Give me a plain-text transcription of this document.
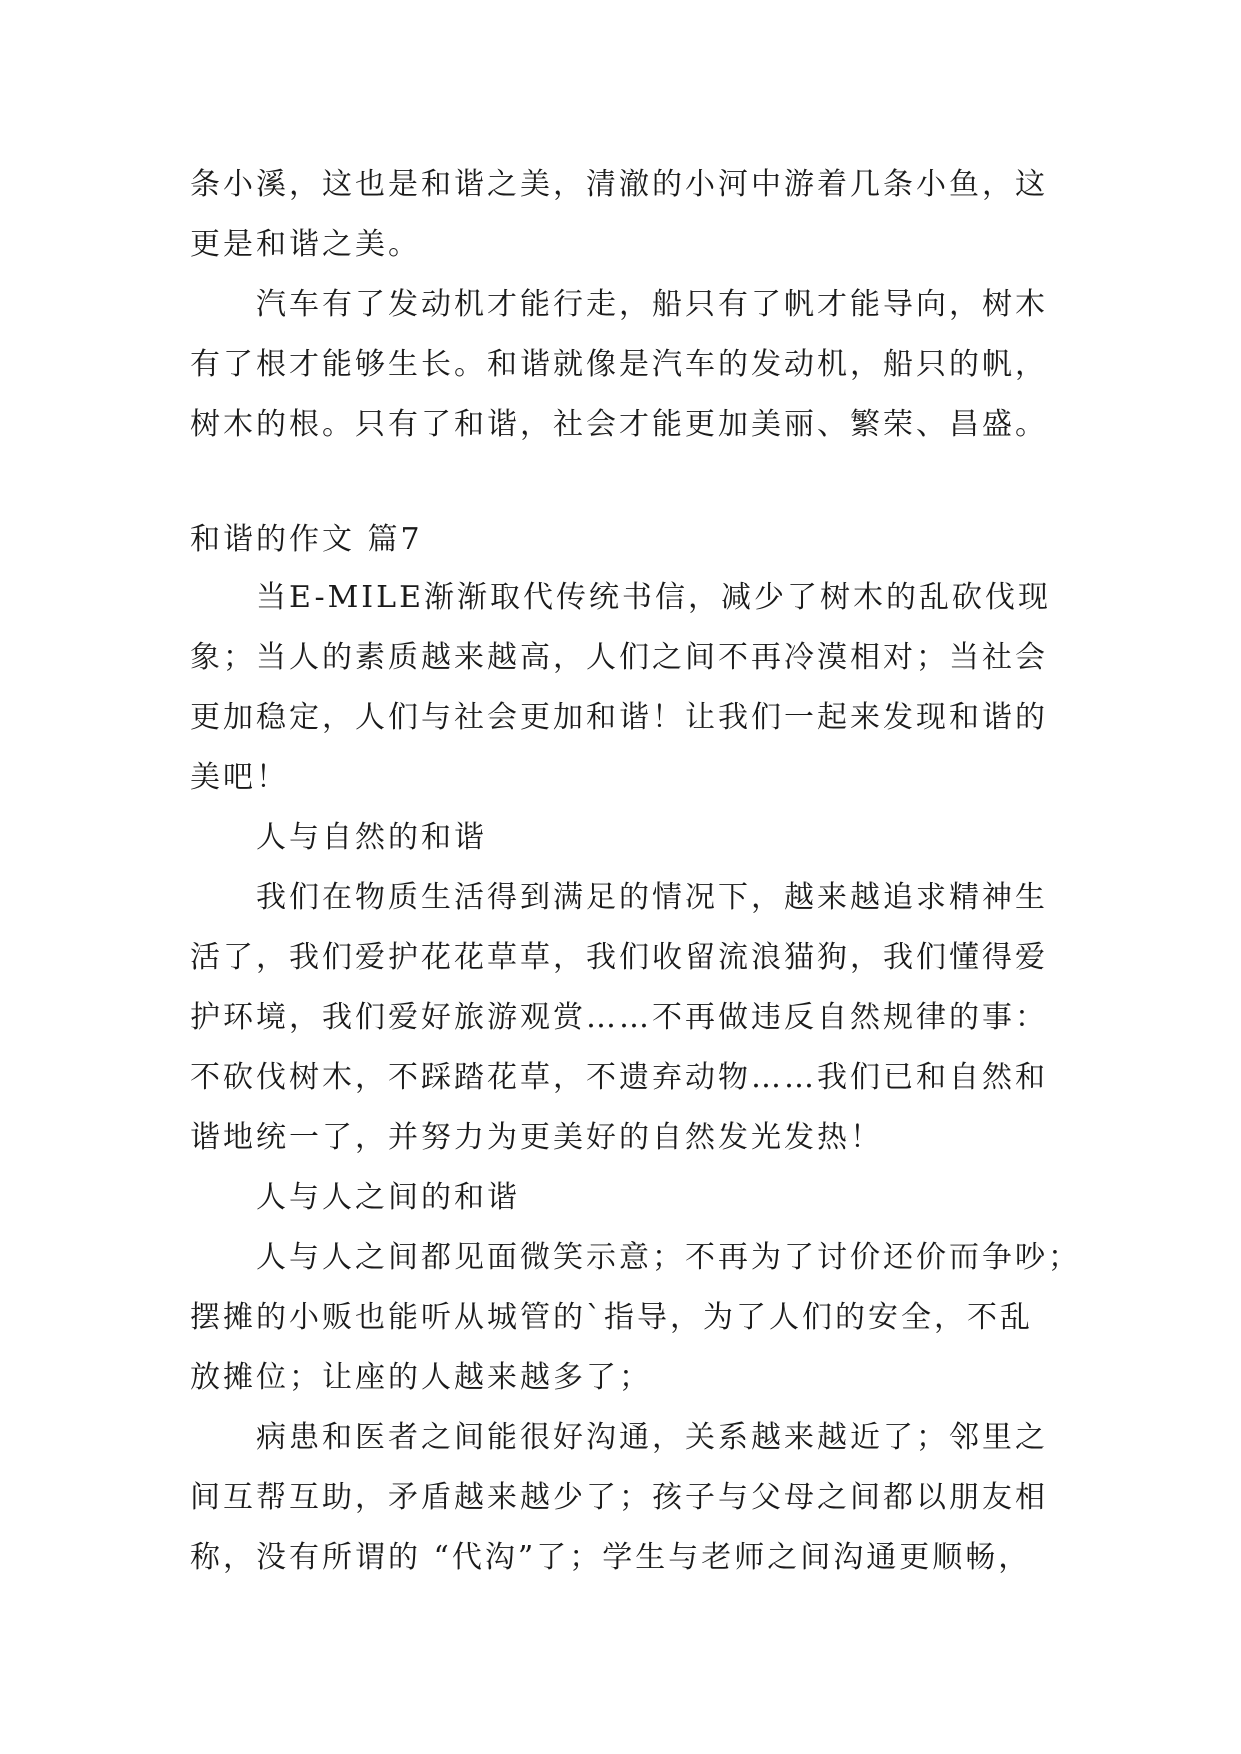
条小溪，这也是和谐之美，清澈的小河中游着几条小鱼，这
更是和谐之美。
汽车有了发动机才能行走，船只有了帆才能导向，树木
有了根才能够生长。和谐就像是汽车的发动机，船只的帆，
树木的根。只有了和谐，社会才能更加美丽、繁荣、昌盛。
和谐的作文 篇7
当E-MILE渐渐取代传统书信，减少了树木的乱砍伐现
象；当人的素质越来越高，人们之间不再冷漠相对；当社会
更加稳定，人们与社会更加和谐！让我们一起来发现和谐的
美吧！
人与自然的和谐
我们在物质生活得到满足的情况下，越来越追求精神生
活了，我们爱护花花草草，我们收留流浪猫狗，我们懂得爱
护环境，我们爱好旅游观赏……不再做违反自然规律的事：
不砍伐树木，不踩踏花草，不遗弃动物……我们已和自然和
谐地统一了，并努力为更美好的自然发光发热！
人与人之间的和谐
人与人之间都见面微笑示意；不再为了讨价还价而争吵；
摆摊的小贩也能听从城管的`指导，为了人们的安全，不乱
放摊位；让座的人越来越多了；
病患和医者之间能很好沟通，关系越来越近了；邻里之
间互帮互助，矛盾越来越少了；孩子与父母之间都以朋友相
称，没有所谓的 “代沟”了；学生与老师之间沟通更顺畅，
